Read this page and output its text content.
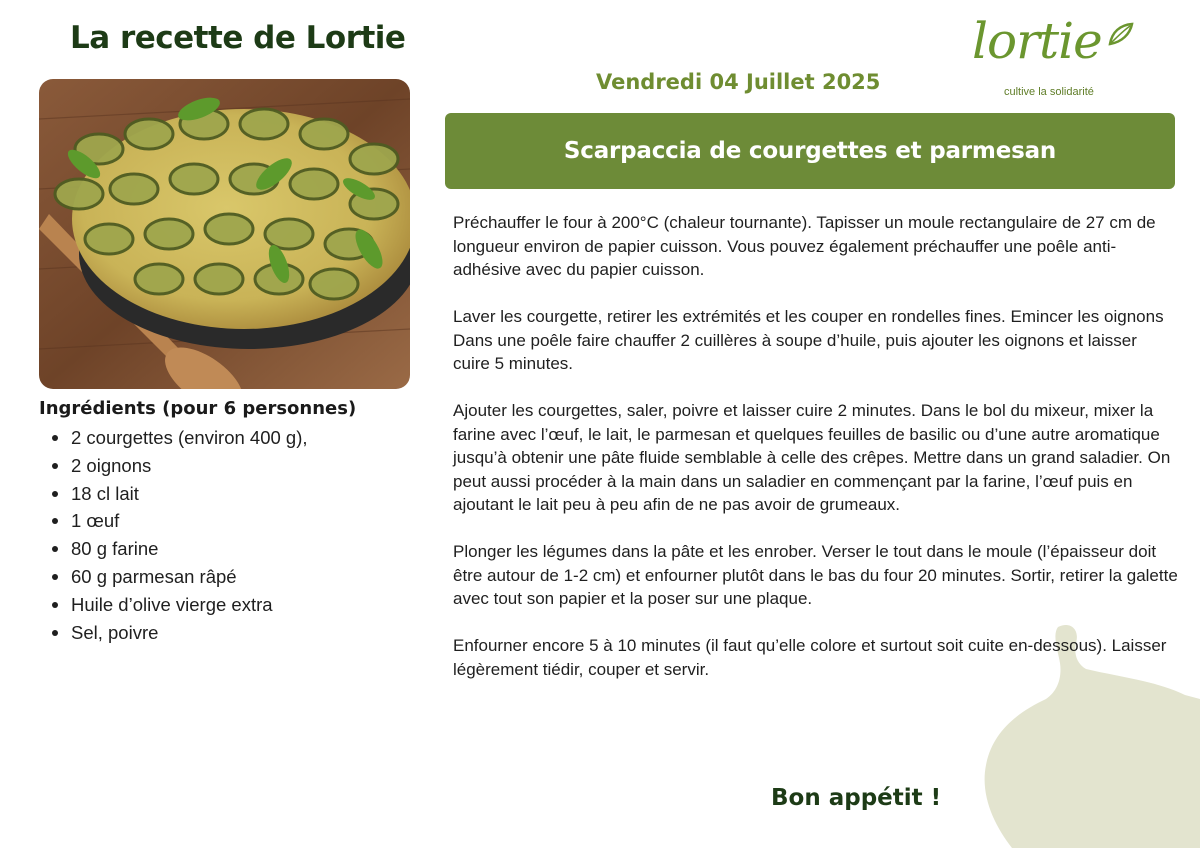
La recette de Lortie
Ingrédients (pour 6 personnes)
2 courgettes (environ 400 g),
2 oignons
18 cl lait
1 œuf
80 g farine
60 g parmesan râpé
Huile d’olive vierge extra
Sel, poivre
Vendredi 04 Juillet 2025
lortie
cultive la solidarité
Scarpaccia de courgettes et parmesan

Préchauffer le four à 200°C (chaleur tournante). Tapisser un moule rectangulaire de 27 cm de longueur environ de papier cuisson. Vous pouvez également préchauffer une poêle anti-adhésive avec du papier cuisson.

Laver les courgette, retirer les extrémités et les couper en rondelles fines. Emincer les oignons Dans une poêle faire chauffer 2 cuillères à soupe d’huile, puis ajouter les oignons et laisser cuire 5 minutes.

Ajouter les courgettes, saler, poivre et laisser cuire 2 minutes. Dans le bol du mixeur, mixer la farine avec l’œuf, le lait, le parmesan et quelques feuilles de basilic ou d’une autre aromatique jusqu’à obtenir une pâte fluide semblable à celle des crêpes. Mettre dans un grand saladier. On peut aussi procéder à la main dans un saladier en commençant par la farine, l’œuf puis en ajoutant le lait peu à peu afin de ne pas avoir de grumeaux.

Plonger les légumes dans la pâte et les enrober. Verser le tout dans le moule (l’épaisseur doit être autour de 1-2 cm) et enfourner plutôt dans le bas du four 20 minutes. Sortir, retirer la galette avec tout son papier et la poser sur une plaque.

Enfourner encore 5 à 10 minutes (il faut qu’elle colore et surtout soit cuite en-dessous). Laisser légèrement tiédir, couper et servir.

Bon appétit !
